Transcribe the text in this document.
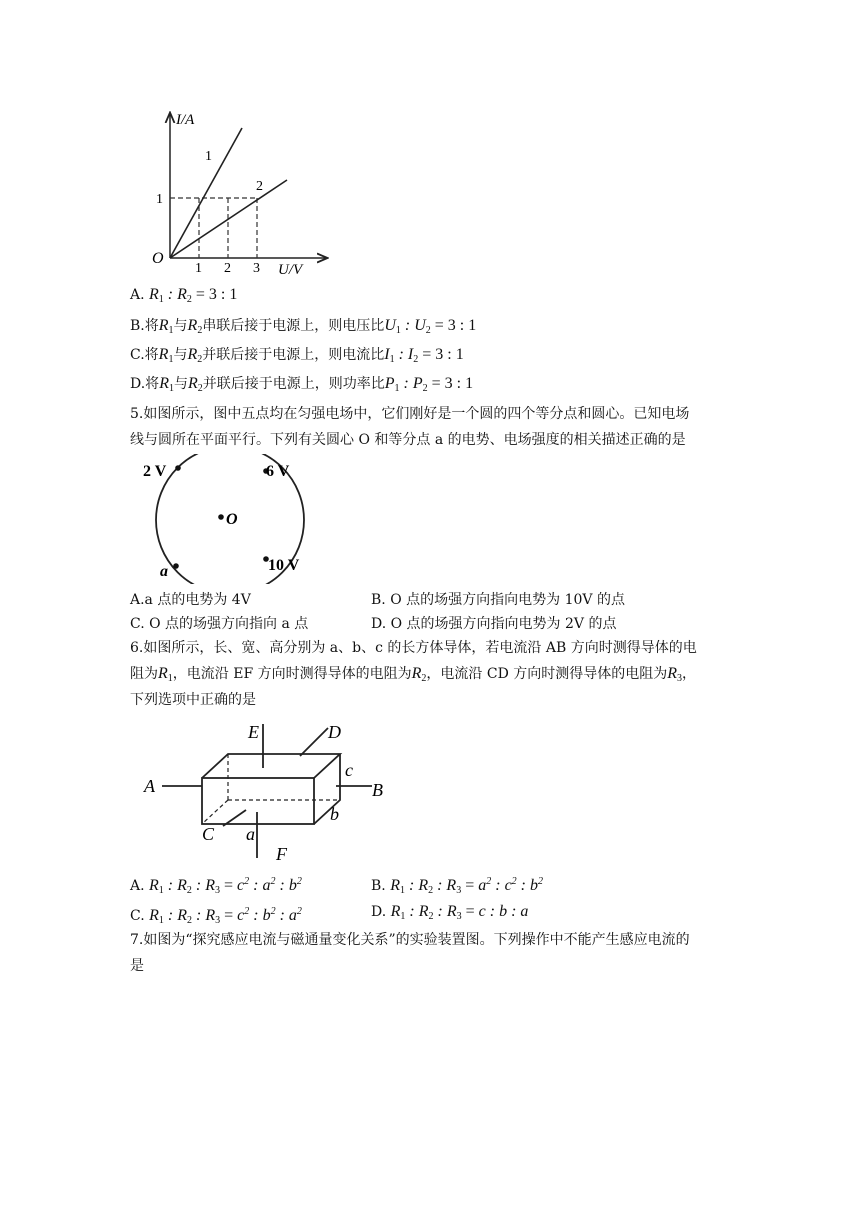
I/A
U/V
O
1
2
1
1 2 3
A. $R_1$ : $R_2 = 3$ : 1
B.将$R_1$与$R_2$串联后接于电源上，则电压比$U_1$ : $U_2 = 3$ : 1
C.将$R_1$与$R_2$并联后接于电源上，则电流比$I_1$ : $I_2 = 3$ : 1
D.将$R_1$与$R_2$并联后接于电源上，则功率比$P_1$ : $P_2 = 3$ : 1
5.如图所示，图中五点均在匀强电场中，它们刚好是一个圆的四个等分点和圆心。已知电场
线与圆所在平面平行。下列有关圆心 O 和等分点 a 的电势、电场强度的相关描述正确的是
2 V	6 V
O
a	10 V
A.a 点的电势为 4V	B. O 点的场强方向指向电势为 10V 的点
C. O 点的场强方向指向 a 点	D. O 点的场强方向指向电势为 2V 的点
6.如图所示，长、宽、高分别为 a、b、c 的长方体导体，若电流沿 AB 方向时测得导体的电
阻为$R_1$，电流沿 EF 方向时测得导体的电阻为$R_2$，电流沿 CD 方向时测得导体的电阻为$R_3$，
下列选项中正确的是
A	B
C
D
E
F
a
b
c
A. $R_1$ : $R_2$ : $R_3 = c^2$ : $a^2$ : $b^2$	B. $R_1$ : $R_2$ : $R_3 = a^2$ : $c^2$ : $b^2$
C. $R_1$ : $R_2$ : $R_3 = c^2$ : $b^2$ : $a^2$	D. $R_1$ : $R_2$ : $R_3 = c$ : b : a
7.如图为“探究感应电流与磁通量变化关系”的实验装置图。下列操作中不能产生感应电流的
是
